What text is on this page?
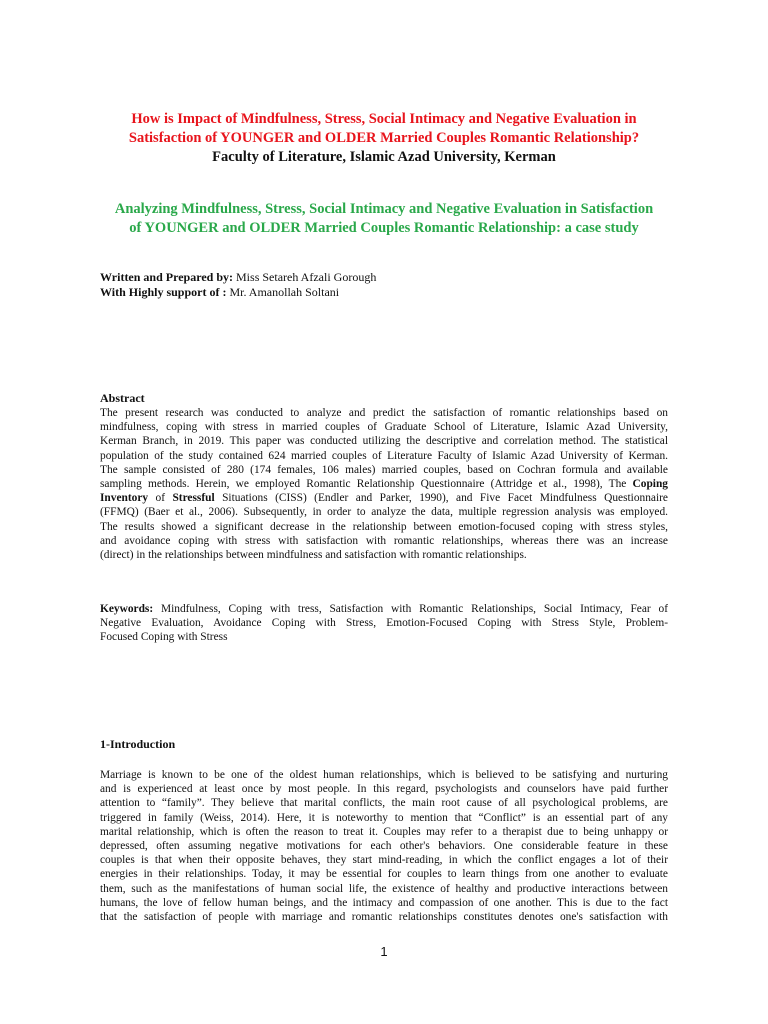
How is Impact of Mindfulness, Stress, Social Intimacy and Negative Evaluation in
Satisfaction of YOUNGER and OLDER Married Couples Romantic Relationship?
Faculty of Literature, Islamic Azad University, Kerman
Analyzing Mindfulness, Stress, Social Intimacy and Negative Evaluation in Satisfaction
of YOUNGER and OLDER Married Couples Romantic Relationship: a case study
Written and Prepared by: Miss Setareh Afzali Gorough
With Highly support of : Mr. Amanollah Soltani
Abstract
The present research was conducted to analyze and predict the satisfaction of romantic relationships based on
mindfulness, coping with stress in married couples of Graduate School of Literature, Islamic Azad University,
Kerman Branch, in 2019. This paper was conducted utilizing the descriptive and correlation method. The statistical
population of the study contained 624 married couples of Literature Faculty of Islamic Azad University of Kerman.
The sample consisted of 280 (174 females, 106 males) married couples, based on Cochran formula and available
sampling methods. Herein, we employed Romantic Relationship Questionnaire (Attridge et al., 1998), The Coping
Inventory of Stressful Situations (CISS) (Endler and Parker, 1990), and Five Facet Mindfulness Questionnaire
(FFMQ) (Baer et al., 2006). Subsequently, in order to analyze the data, multiple regression analysis was employed.
The results showed a significant decrease in the relationship between emotion-focused coping with stress styles,
and avoidance coping with stress with satisfaction with romantic relationships, whereas there was an increase
(direct) in the relationships between mindfulness and satisfaction with romantic relationships.
Keywords: Mindfulness, Coping with tress, Satisfaction with Romantic Relationships, Social Intimacy, Fear of
Negative Evaluation, Avoidance Coping with Stress, Emotion-Focused Coping with Stress Style, Problem-
Focused Coping with Stress
1-Introduction
Marriage is known to be one of the oldest human relationships, which is believed to be satisfying and nurturing
and is experienced at least once by most people. In this regard, psychologists and counselors have paid further
attention to “family”. They believe that marital conflicts, the main root cause of all psychological problems, are
triggered in family (Weiss, 2014). Here, it is noteworthy to mention that “Conflict” is an essential part of any
marital relationship, which is often the reason to treat it. Couples may refer to a therapist due to being unhappy or
depressed, often assuming negative motivations for each other's behaviors. One considerable feature in these
couples is that when their opposite behaves, they start mind-reading, in which the conflict engages a lot of their
energies in their relationships. Today, it may be essential for couples to learn things from one another to evaluate
them, such as the manifestations of human social life, the existence of healthy and productive interactions between
humans, the love of fellow human beings, and the intimacy and compassion of one another. This is due to the fact
that the satisfaction of people with marriage and romantic relationships constitutes denotes one's satisfaction with
1
